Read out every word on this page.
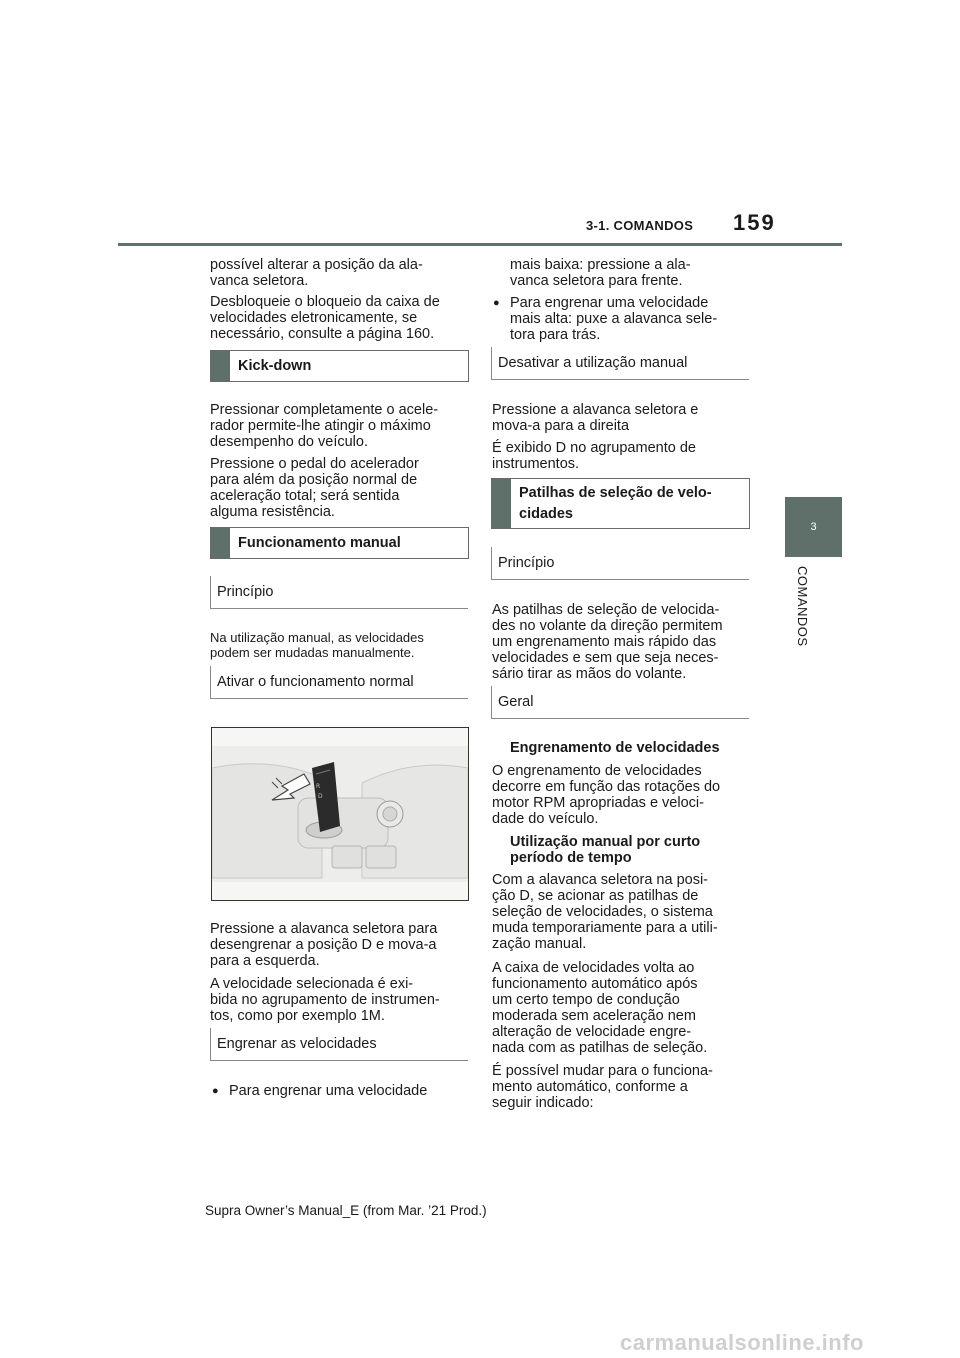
3-1. COMANDOS 159
3
COMANDOS

possível alterar a posição da ala-

vanca seletora.

Desbloqueie o bloqueio da caixa de

velocidades eletronicamente, se

necessário, consulte a página 160.

Kick-down

Pressionar completamente o acele-

rador permite-lhe atingir o máximo

desempenho do veículo.

Pressione o pedal do acelerador

para além da posição normal de

aceleração total; será sentida

alguma resistência.

Funcionamento manual
Princípio

Na utilização manual, as velocidades

podem ser mudadas manualmente.

Ativar o funcionamento normal
R
D

Pressione a alavanca seletora para

desengrenar a posição D e mova-a

para a esquerda.

A velocidade selecionada é exi-

bida no agrupamento de instrumen-

tos, como por exemplo 1M.

Engrenar as velocidades
● Para engrenar uma velocidade

mais baixa: pressione a ala-

vanca seletora para frente.

● Para engrenar uma velocidade
mais alta: puxe a alavanca sele-
tora para trás.
Desativar a utilização manual

Pressione a alavanca seletora e

mova-a para a direita

É exibido D no agrupamento de

instrumentos.

Patilhas de seleção de velo-
cidades
Princípio

As patilhas de seleção de velocida-

des no volante da direção permitem

um engrenamento mais rápido das

velocidades e sem que seja neces-

sário tirar as mãos do volante.

Geral
Engrenamento de velocidades

O engrenamento de velocidades

decorre em função das rotações do

motor RPM apropriadas e veloci-

dade do veículo.

Utilização manual por curto

período de tempo

Com a alavanca seletora na posi-

ção D, se acionar as patilhas de

seleção de velocidades, o sistema

muda temporariamente para a utili-

zação manual.

A caixa de velocidades volta ao

funcionamento automático após

um certo tempo de condução

moderada sem aceleração nem

alteração de velocidade engre-

nada com as patilhas de seleção.

É possível mudar para o funciona-

mento automático, conforme a

seguir indicado:

Supra Owner’s Manual_E (from Mar. ’21 Prod.)
carmanualsonline.info
